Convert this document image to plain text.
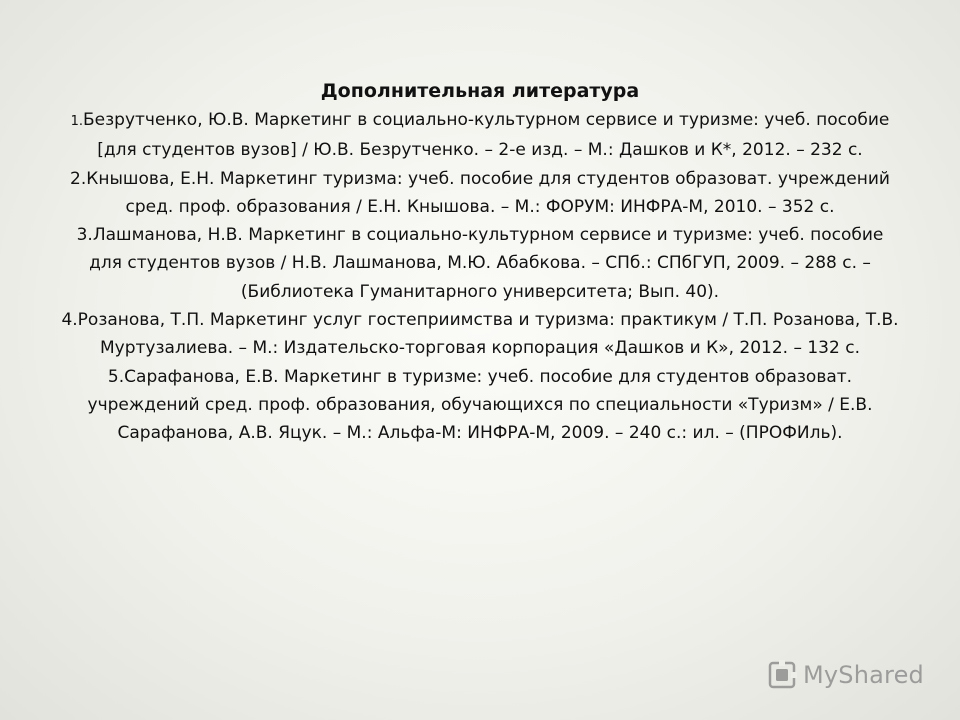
Дополнительная литература

1.Безрутченко, Ю.В. Маркетинг в социально-культурном сервисе и туризме: учеб. пособие [для студентов вузов] / Ю.В. Безрутченко. – 2-е изд. – М.: Дашков и К*, 2012. – 232 с.

2.Кнышова, Е.Н. Маркетинг туризма: учеб. пособие для студентов образоват. учреждений сред. проф. образования / Е.Н. Кнышова. – М.: ФОРУМ: ИНФРА-М, 2010. – 352 с.

3.Лашманова, Н.В. Маркетинг в социально-культурном сервисе и туризме: учеб. пособие для студентов вузов / Н.В. Лашманова, М.Ю. Абабкова. – СПб.: СПбГУП, 2009. – 288 с. – (Библиотека Гуманитарного университета; Вып. 40).

4.Розанова, Т.П. Маркетинг услуг гостеприимства и туризма: практикум / Т.П. Розанова, Т.В. Муртузалиева. – М.: Издательско-торговая корпорация «Дашков и К», 2012. – 132 с.

5.Сарафанова, Е.В. Маркетинг в туризме: учеб. пособие для студентов образоват. учреждений сред. проф. образования, обучающихся по специальности «Туризм» / Е.В. Сарафанова, А.В. Яцук. – М.: Альфа-М: ИНФРА-М, 2009. – 240 с.: ил. – (ПРОФИль).

MyShared
